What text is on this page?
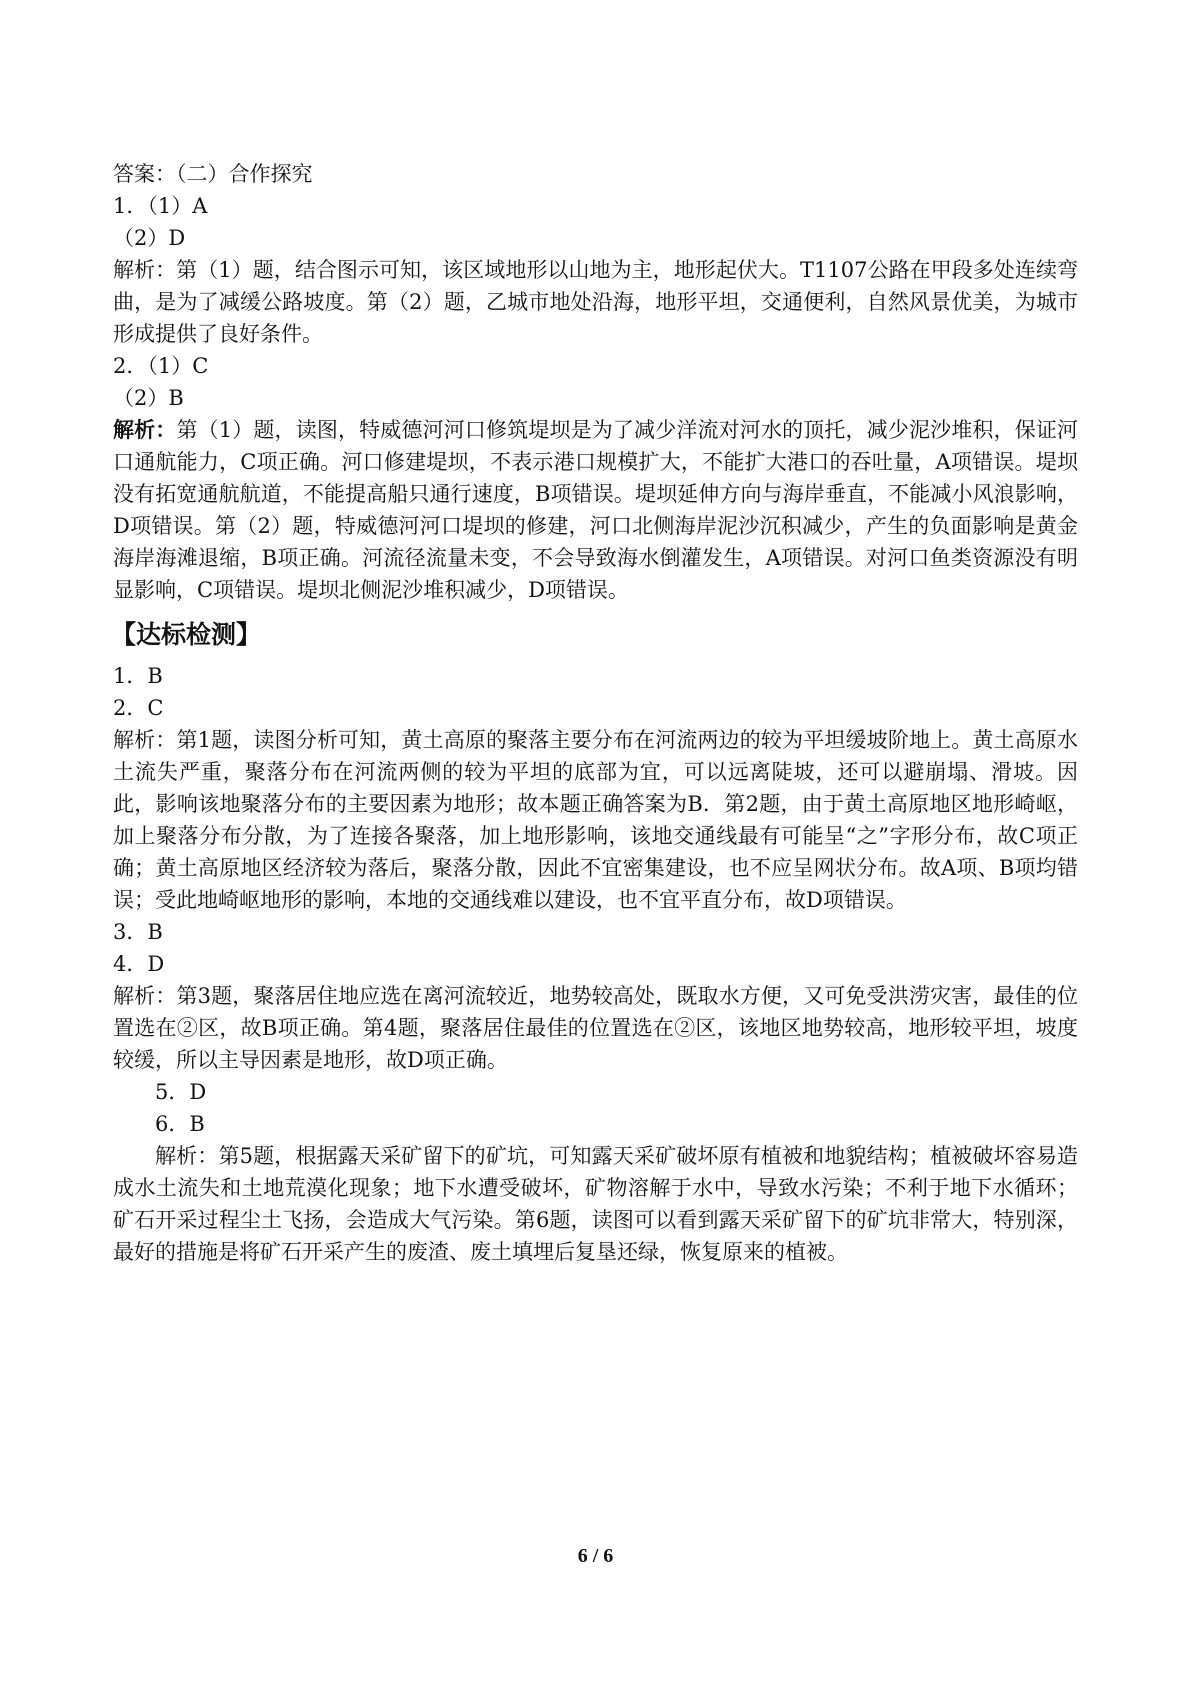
答案：（二）合作探究

1．（1）A

（2）D

解析：第（1）题，结合图示可知，该区域地形以山地为主，地形起伏大。T1107公路在甲段多处连续弯曲，是为了减缓公路坡度。第（2）题，乙城市地处沿海，地形平坦，交通便利，自然风景优美，为城市形成提供了良好条件。

2．（1）C

（2）B

解析：第（1）题，读图，特威德河河口修筑堤坝是为了减少洋流对河水的顶托，减少泥沙堆积，保证河口通航能力，C项正确。河口修建堤坝，不表示港口规模扩大，不能扩大港口的吞吐量，A项错误。堤坝没有拓宽通航航道，不能提高船只通行速度，B项错误。堤坝延伸方向与海岸垂直，不能减小风浪影响，D项错误。第（2）题，特威德河河口堤坝的修建，河口北侧海岸泥沙沉积减少，产生的负面影响是黄金海岸海滩退缩，B项正确。河流径流量未变，不会导致海水倒灌发生，A项错误。对河口鱼类资源没有明显影响，C项错误。堤坝北侧泥沙堆积减少，D项错误。

【达标检测】

1．B

2．C

解析：第1题，读图分析可知，黄土高原的聚落主要分布在河流两边的较为平坦缓坡阶地上。黄土高原水土流失严重，聚落分布在河流两侧的较为平坦的底部为宜，可以远离陡坡，还可以避崩塌、滑坡。因此，影响该地聚落分布的主要因素为地形；故本题正确答案为B．第2题，由于黄土高原地区地形崎岖，加上聚落分布分散，为了连接各聚落，加上地形影响，该地交通线最有可能呈“之”字形分布，故C项正确；黄土高原地区经济较为落后，聚落分散，因此不宜密集建设，也不应呈网状分布。故A项、B项均错误；受此地崎岖地形的影响，本地的交通线难以建设，也不宜平直分布，故D项错误。

3．B

4．D

解析：第3题，聚落居住地应选在离河流较近，地势较高处，既取水方便，又可免受洪涝灾害，最佳的位置选在②区，故B项正确。第4题，聚落居住最佳的位置选在②区，该地区地势较高，地形较平坦，坡度较缓，所以主导因素是地形，故D项正确。

5．D

6．B

解析：第5题，根据露天采矿留下的矿坑，可知露天采矿破坏原有植被和地貌结构；植被破坏容易造成水土流失和土地荒漠化现象；地下水遭受破坏，矿物溶解于水中，导致水污染；不利于地下水循环；矿石开采过程尘土飞扬，会造成大气污染。第6题，读图可以看到露天采矿留下的矿坑非常大，特别深，最好的措施是将矿石开采产生的废渣、废土填埋后复垦还绿，恢复原来的植被。

6 / 6
